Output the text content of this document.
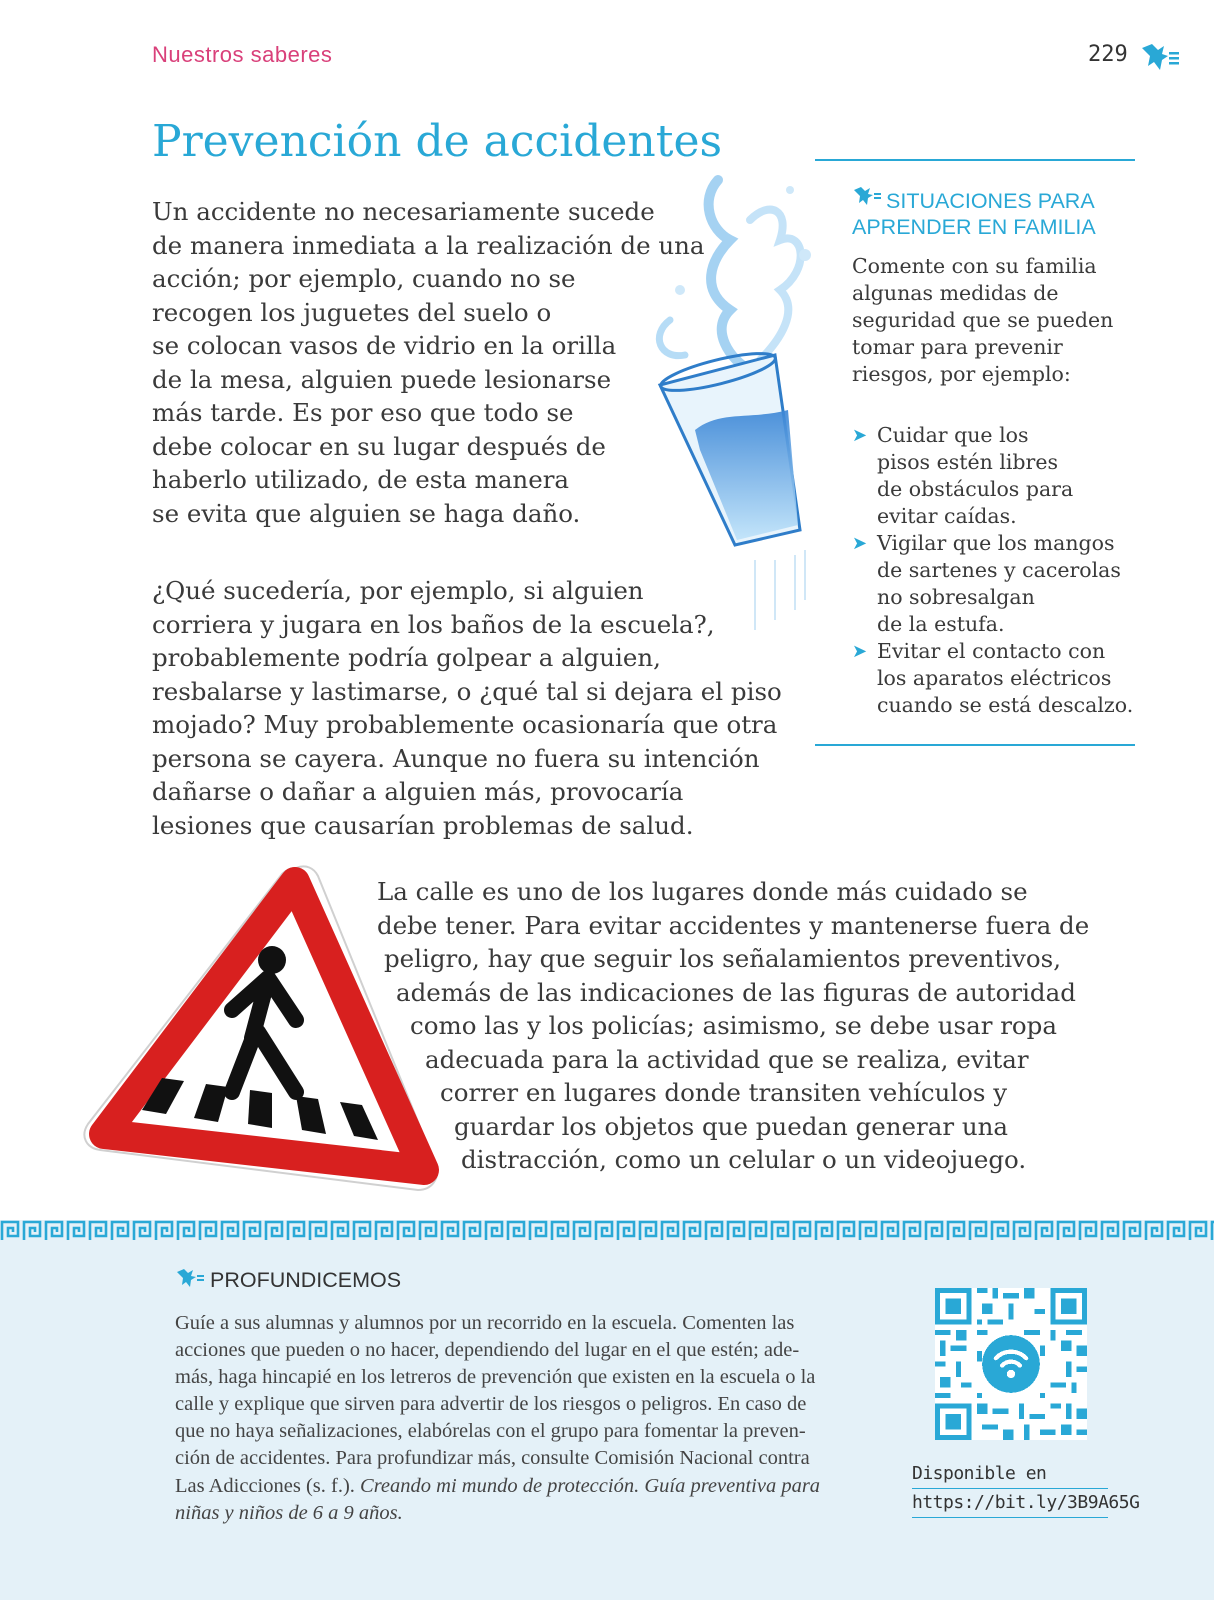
Nuestros saberes	229
Prevención de accidentes
Un accidente no necesariamente sucede
de manera inmediata a la realización de una
acción; por ejemplo, cuando no se
recogen los juguetes del suelo o
se colocan vasos de vidrio en la orilla
de la mesa, alguien puede lesionarse
más tarde. Es por eso que todo se
debe colocar en su lugar después de
haberlo utilizado, de esta manera
se evita que alguien se haga daño.
¿Qué sucedería, por ejemplo, si alguien
corriera y jugara en los baños de la escuela?,
probablemente podría golpear a alguien,
resbalarse y lastimarse, o ¿qué tal si dejara el piso
mojado? Muy probablemente ocasionaría que otra
persona se cayera. Aunque no fuera su intención
dañarse o dañar a alguien más, provocaría
lesiones que causarían problemas de salud.
SITUACIONES PARA
APRENDER EN FAMILIA
Comente con su familia
algunas medidas de
seguridad que se pueden
tomar para prevenir
riesgos, por ejemplo:
➤ Cuidar que los
pisos estén libres
de obstáculos para
evitar caídas.
➤ Vigilar que los mangos
de sartenes y cacerolas
no sobresalgan
de la estufa.
➤ Evitar el contacto con
los aparatos eléctricos
cuando se está descalzo.
La calle es uno de los lugares donde más cuidado se
debe tener. Para evitar accidentes y mantenerse fuera de
peligro, hay que seguir los señalamientos preventivos,
además de las indicaciones de las figuras de autoridad
como las y los policías; asimismo, se debe usar ropa
adecuada para la actividad que se realiza, evitar
correr en lugares donde transiten vehículos y
guardar los objetos que puedan generar una
distracción, como un celular o un videojuego.
PROFUNDICEMOS
Guíe a sus alumnas y alumnos por un recorrido en la escuela. Comenten las
acciones que pueden o no hacer, dependiendo del lugar en el que estén; ade-
más, haga hincapié en los letreros de prevención que existen en la escuela o la
calle y explique que sirven para advertir de los riesgos o peligros. En caso de
que no haya señalizaciones, elabórelas con el grupo para fomentar la preven-
ción de accidentes. Para profundizar más, consulte Comisión Nacional contra
Las Adicciones (s. f.). Creando mi mundo de protección. Guía preventiva para
niñas y niños de 6 a 9 años.
Disponible en
https://bit.ly/3B9A65G
